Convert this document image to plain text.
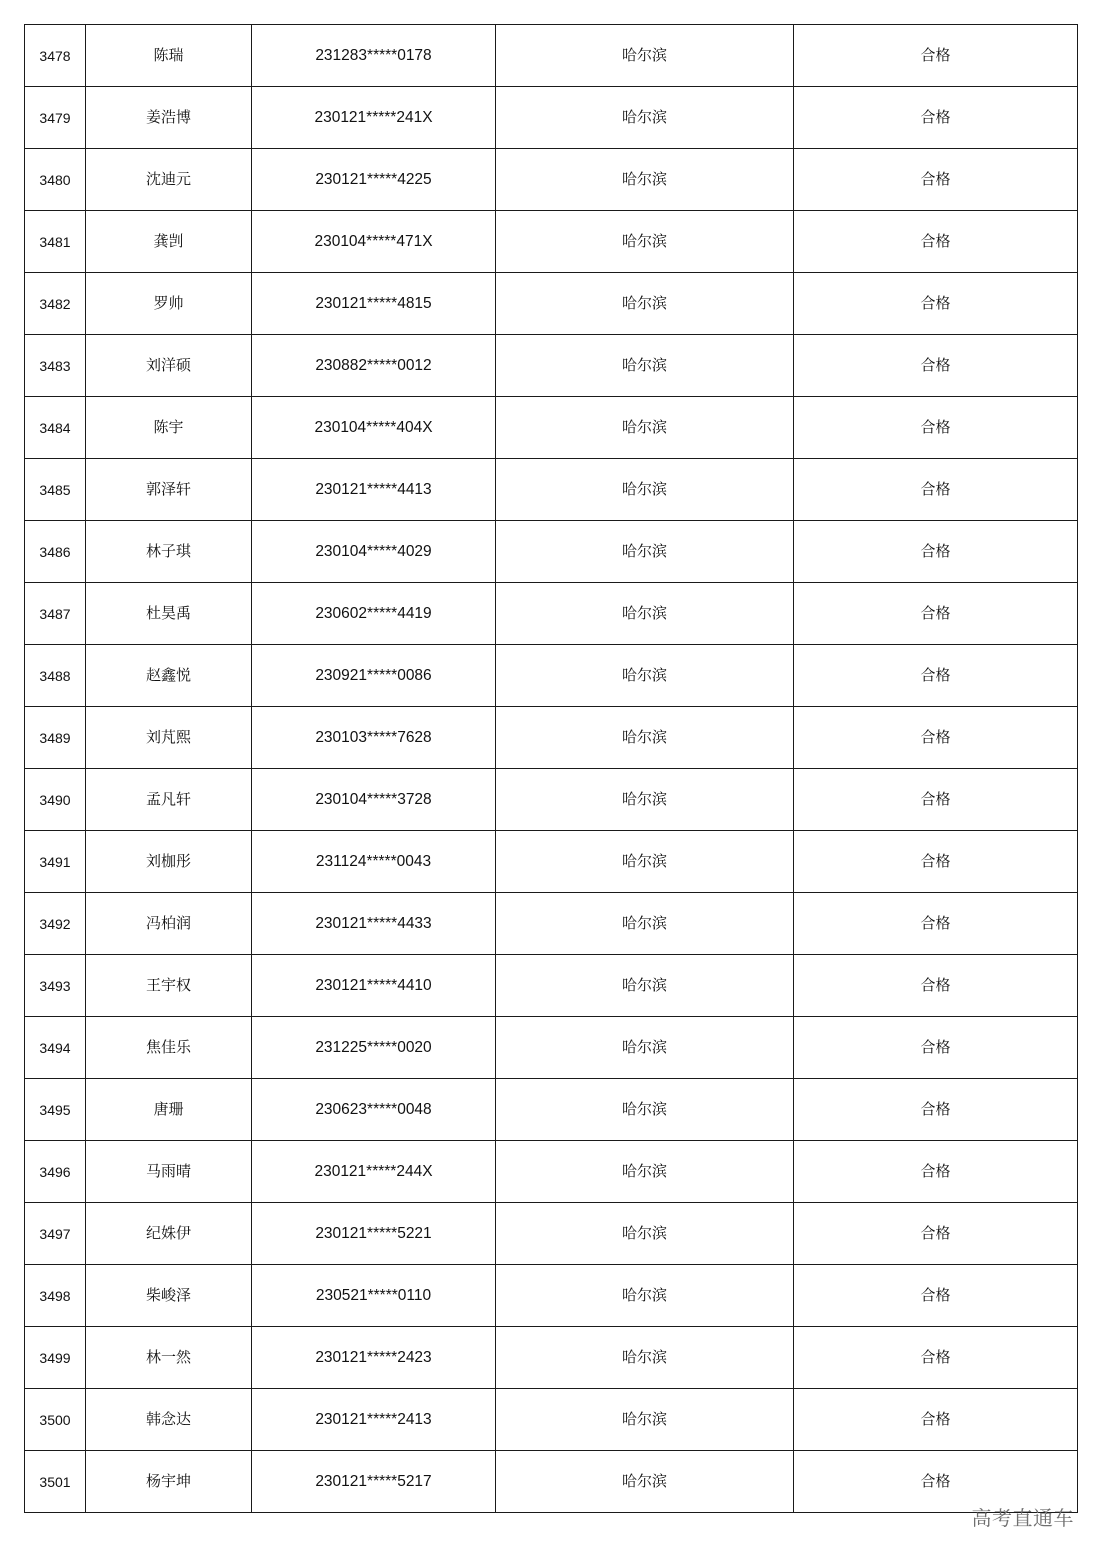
3478	陈瑞	231283*****0178	哈尔滨	合格
3479	姜浩博	230121*****241X	哈尔滨	合格
3480	沈迪元	230121*****4225	哈尔滨	合格
3481	龚剀	230104*****471X	哈尔滨	合格
3482	罗帅	230121*****4815	哈尔滨	合格
3483	刘洋硕	230882*****0012	哈尔滨	合格
3484	陈宇	230104*****404X	哈尔滨	合格
3485	郭泽轩	230121*****4413	哈尔滨	合格
3486	林子琪	230104*****4029	哈尔滨	合格
3487	杜昊禹	230602*****4419	哈尔滨	合格
3488	赵鑫悦	230921*****0086	哈尔滨	合格
3489	刘芃熙	230103*****7628	哈尔滨	合格
3490	孟凡轩	230104*****3728	哈尔滨	合格
3491	刘枷彤	231124*****0043	哈尔滨	合格
3492	冯柏润	230121*****4433	哈尔滨	合格
3493	王宇权	230121*****4410	哈尔滨	合格
3494	焦佳乐	231225*****0020	哈尔滨	合格
3495	唐珊	230623*****0048	哈尔滨	合格
3496	马雨晴	230121*****244X	哈尔滨	合格
3497	纪姝伊	230121*****5221	哈尔滨	合格
3498	柴峻泽	230521*****0110	哈尔滨	合格
3499	林一然	230121*****2423	哈尔滨	合格
3500	韩念达	230121*****2413	哈尔滨	合格
3501	杨宇坤	230121*****5217	哈尔滨	合格
高考直通车
